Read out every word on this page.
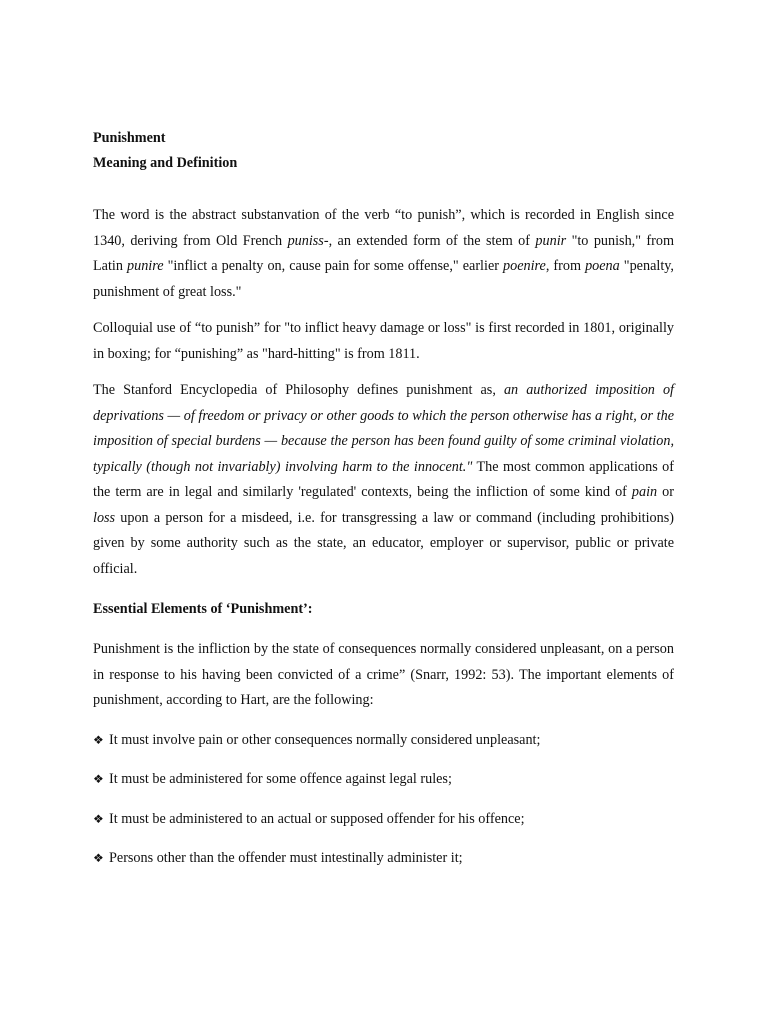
Punishment
Meaning and Definition

The word is the abstract substanvation of the verb “to punish”, which is recorded in English since 1340, deriving from Old French puniss-, an extended form of the stem of punir "to punish," from Latin punire "inflict a penalty on, cause pain for some offense," earlier poenire, from poena "penalty, punishment of great loss."

Colloquial use of “to punish” for "to inflict heavy damage or loss" is first recorded in 1801, originally in boxing; for “punishing” as "hard-hitting" is from 1811.

The Stanford Encyclopedia of Philosophy defines punishment as, an authorized imposition of deprivations — of freedom or privacy or other goods to which the person otherwise has a right, or the imposition of special burdens — because the person has been found guilty of some criminal violation, typically (though not invariably) involving harm to the innocent." The most common applications of the term are in legal and similarly 'regulated' contexts, being the infliction of some kind of pain or loss upon a person for a misdeed, i.e. for transgressing a law or command (including prohibitions) given by some authority such as the state, an educator, employer or supervisor, public or private official.

Essential Elements of ‘Punishment’:

Punishment is the infliction by the state of consequences normally considered unpleasant, on a person in response to his having been convicted of a crime” (Snarr, 1992: 53). The important elements of punishment, according to Hart, are the following:

❖ It must involve pain or other consequences normally considered unpleasant;

❖ It must be administered for some offence against legal rules;

❖ It must be administered to an actual or supposed offender for his offence;

❖ Persons other than the offender must intestinally administer it;
